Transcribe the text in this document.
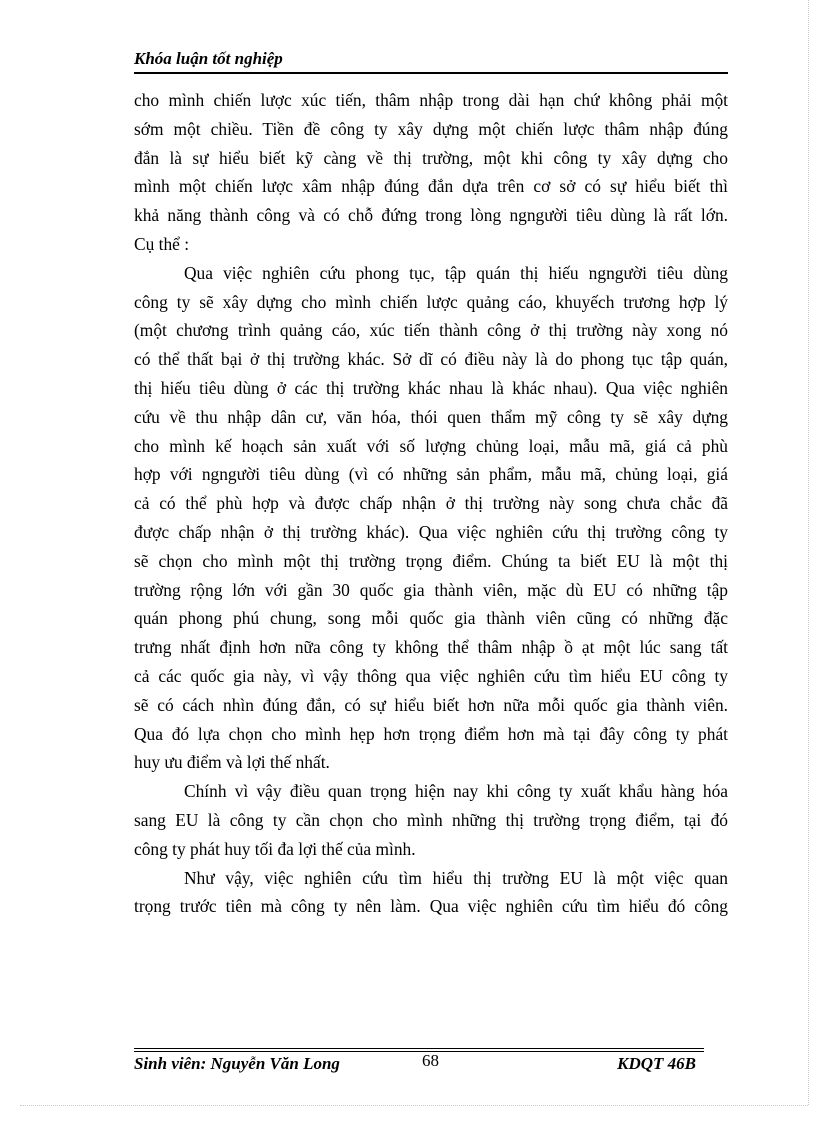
Khóa luận tốt nghiệp
cho mình chiến lược xúc tiến, thâm nhập trong dài hạn chứ không phải một
sớm một chiều. Tiền đề công ty xây dựng một chiến lược thâm nhập đúng
đắn là sự hiểu biết kỹ càng về thị trường, một khi công ty xây dựng cho
mình một chiến lược xâm nhập đúng đắn dựa trên cơ sở có sự hiểu biết thì
khả năng thành công và có chỗ đứng trong lòng ngngười tiêu dùng là rất lớn.
Cụ thể :
Qua việc nghiên cứu phong tục, tập quán thị hiếu ngngười tiêu dùng
công ty sẽ xây dựng cho mình chiến lược quảng cáo, khuyếch trương hợp lý
(một chương trình quảng cáo, xúc tiến thành công ở thị trường này xong nó
có thể thất bại ở thị trường khác. Sở dĩ có điều này là do phong tục tập quán,
thị hiếu tiêu dùng ở các thị trường khác nhau là khác nhau). Qua việc nghiên
cứu về thu nhập dân cư, văn hóa, thói quen thẩm mỹ công ty sẽ xây dựng
cho mình kế hoạch sản xuất với số lượng chủng loại, mẫu mã, giá cả phù
hợp với ngngười tiêu dùng (vì có những sản phẩm, mẫu mã, chủng loại, giá
cả có thể phù hợp và được chấp nhận ở thị trường này song chưa chắc đã
được chấp nhận ở thị trường khác). Qua việc nghiên cứu thị trường công ty
sẽ chọn cho mình một thị trường trọng điểm. Chúng ta biết EU là một thị
trường rộng lớn với gần 30 quốc gia thành viên, mặc dù EU có những tập
quán phong phú chung, song mỗi quốc gia thành viên cũng có những đặc
trưng nhất định hơn nữa công ty không thể thâm nhập ồ ạt một lúc sang tất
cả các quốc gia này, vì vậy thông qua việc nghiên cứu tìm hiểu EU công ty
sẽ có cách nhìn đúng đắn, có sự hiểu biết hơn nữa mỗi quốc gia thành viên.
Qua đó lựa chọn cho mình hẹp hơn trọng điểm hơn mà tại đây công ty phát
huy ưu điểm và lợi thế nhất.
Chính vì vậy điều quan trọng hiện nay khi công ty xuất khẩu hàng hóa
sang EU là công ty cần chọn cho mình những thị trường trọng điểm, tại đó
công ty phát huy tối đa lợi thế của mình.
Như vậy, việc nghiên cứu tìm hiểu thị trường EU là một việc quan
trọng trước tiên mà công ty nên làm. Qua việc nghiên cứu tìm hiểu đó công
Sinh viên: Nguyễn Văn Long	68	KDQT 46B
